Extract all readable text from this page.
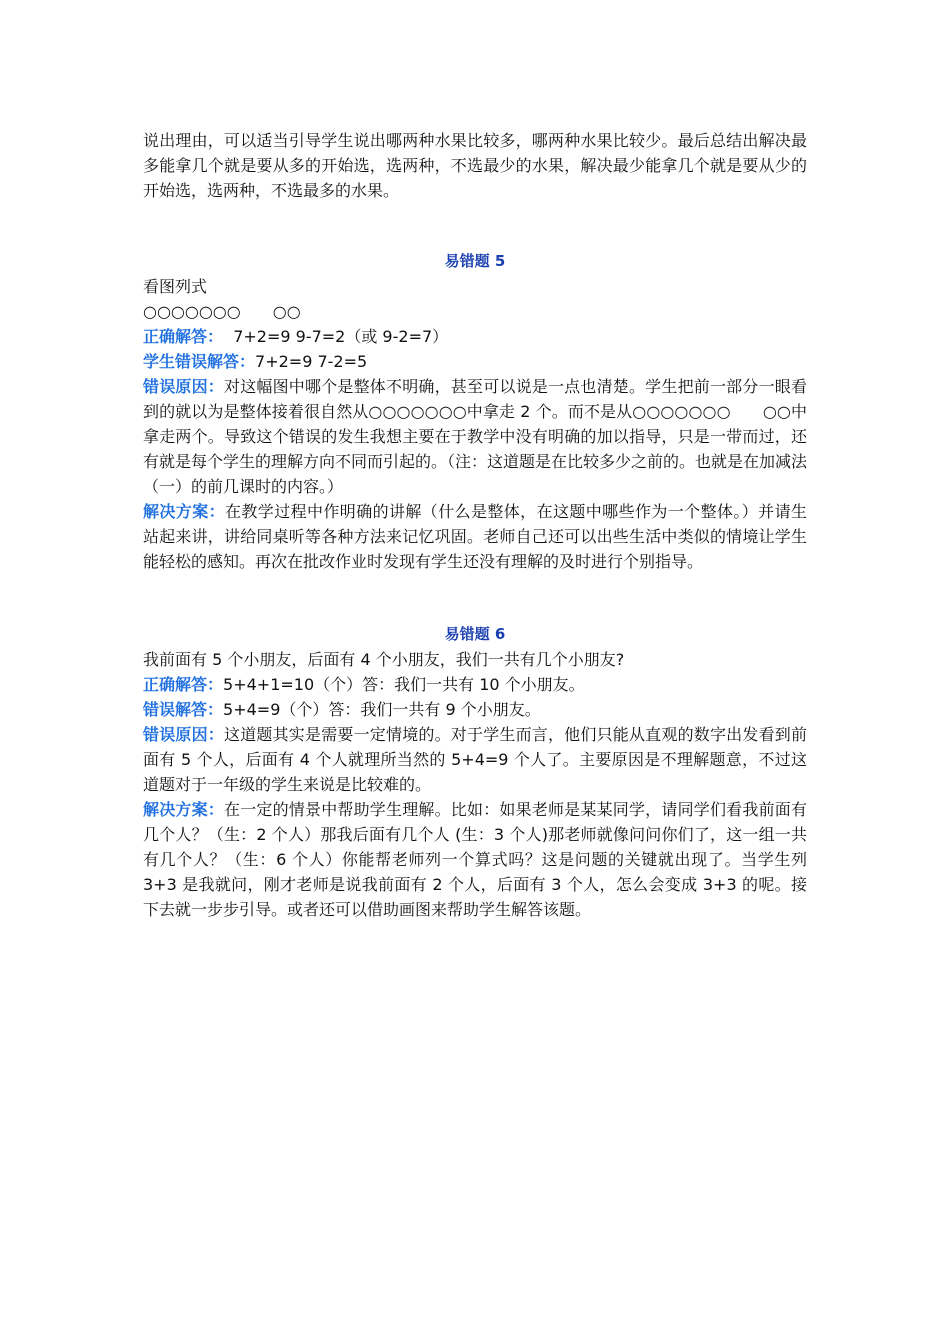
说出理由，可以适当引导学生说出哪两种水果比较多，哪两种水果比较少。最后总结出解决最多能拿几个就是要从多的开始选，选两种，不选最少的水果，解决最少能拿几个就是要从少的开始选，选两种，不选最多的水果。

易错题 5

看图列式

○○○○○○○　　○○

正确解答：  7+2=9 9-7=2（或 9-2=7）

学生错误解答：7+2=9 7-2=5

错误原因：对这幅图中哪个是整体不明确，甚至可以说是一点也清楚。学生把前一部分一眼看到的就以为是整体接着很自然从○○○○○○○中拿走 2 个。而不是从○○○○○○○　　○○中拿走两个。导致这个错误的发生我想主要在于教学中没有明确的加以指导，只是一带而过，还有就是每个学生的理解方向不同而引起的。（注：这道题是在比较多少之前的。也就是在加减法（一）的前几课时的内容。）

解决方案：在教学过程中作明确的讲解（什么是整体，在这题中哪些作为一个整体。）并请生站起来讲，讲给同桌听等各种方法来记忆巩固。老师自己还可以出些生活中类似的情境让学生能轻松的感知。再次在批改作业时发现有学生还没有理解的及时进行个别指导。

易错题 6

我前面有 5 个小朋友，后面有 4 个小朋友，我们一共有几个小朋友?

正确解答：5+4+1=10（个）答：我们一共有 10 个小朋友。

错误解答：5+4=9（个）答：我们一共有 9 个小朋友。

错误原因：这道题其实是需要一定情境的。对于学生而言，他们只能从直观的数字出发看到前面有 5 个人，后面有 4 个人就理所当然的 5+4=9 个人了。主要原因是不理解题意，不过这道题对于一年级的学生来说是比较难的。

解决方案：在一定的情景中帮助学生理解。比如：如果老师是某某同学，请同学们看我前面有几个人？（生：2 个人）那我后面有几个人 (生：3 个人)那老师就像问问你们了，这一组一共有几个人？（生：6 个人）你能帮老师列一个算式吗？这是问题的关键就出现了。当学生列 3+3 是我就问，刚才老师是说我前面有 2 个人，后面有 3 个人，怎么会变成 3+3 的呢。接下去就一步步引导。或者还可以借助画图来帮助学生解答该题。
